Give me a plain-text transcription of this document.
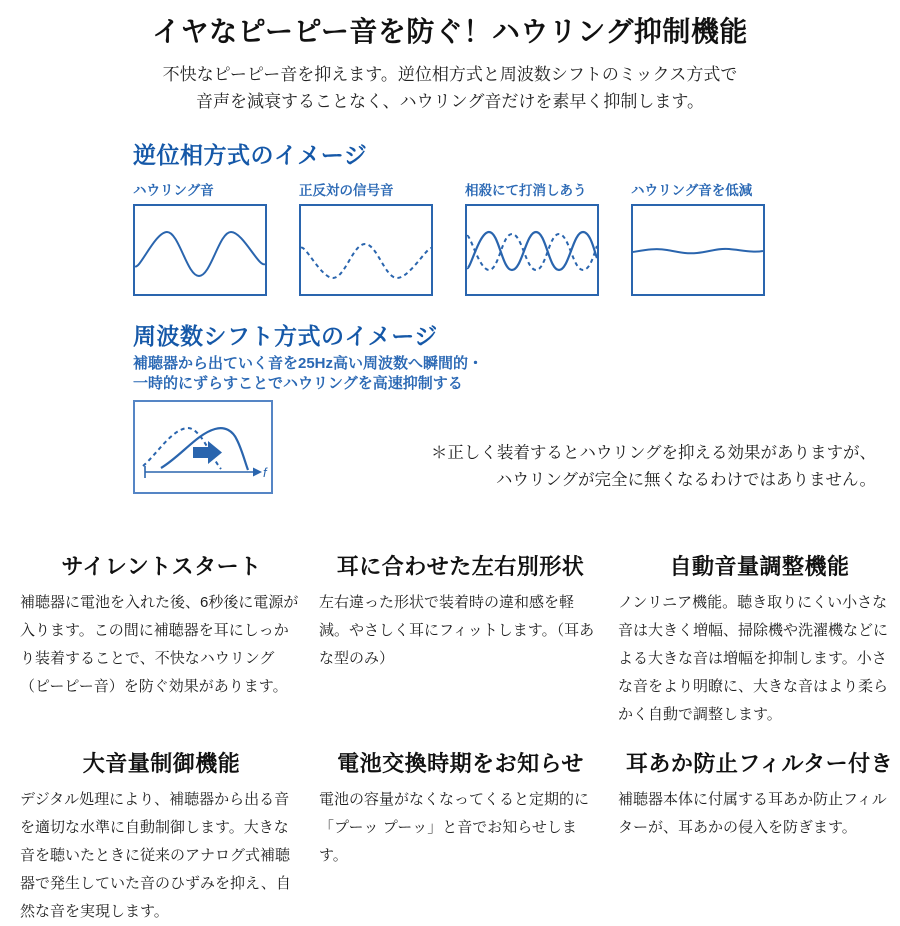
イヤなピーピー音を防ぐ！ハウリング抑制機能
不快なピーピー音を抑えます。逆位相方式と周波数シフトのミックス方式で
音声を減衰することなく、ハウリング音だけを素早く抑制します。
逆位相方式のイメージ
ハウリング音	正反対の信号音	相殺にて打消しあう	ハウリング音を低減
周波数シフト方式のイメージ
補聴器から出ていく音を25Hz高い周波数へ瞬間的・
一時的にずらすことでハウリングを高速抑制する
f
＊正しく装着するとハウリングを抑える効果がありますが、
ハウリングが完全に無くなるわけではありません。
サイレントスタート

補聴器に電池を入れた後、6秒後に電源が入ります。この間に補聴器を耳にしっかり装着することで、不快なハウリング（ピーピー音）を防ぐ効果があります。

耳に合わせた左右別形状

左右違った形状で装着時の違和感を軽減。やさしく耳にフィットします。（耳あな型のみ）

自動音量調整機能

ノンリニア機能。聴き取りにくい小さな音は大きく増幅、掃除機や洗濯機などによる大きな音は増幅を抑制します。小さな音をより明瞭に、大きな音はより柔らかく自動で調整します。

大音量制御機能

デジタル処理により、補聴器から出る音を適切な水準に自動制御します。大きな音を聴いたときに従来のアナログ式補聴器で発生していた音のひずみを抑え、自然な音を実現します。

電池交換時期をお知らせ

電池の容量がなくなってくると定期的に「プーッ プーッ」と音でお知らせします。

耳あか防止フィルター付き

補聴器本体に付属する耳あか防止フィルターが、耳あかの侵入を防ぎます。
